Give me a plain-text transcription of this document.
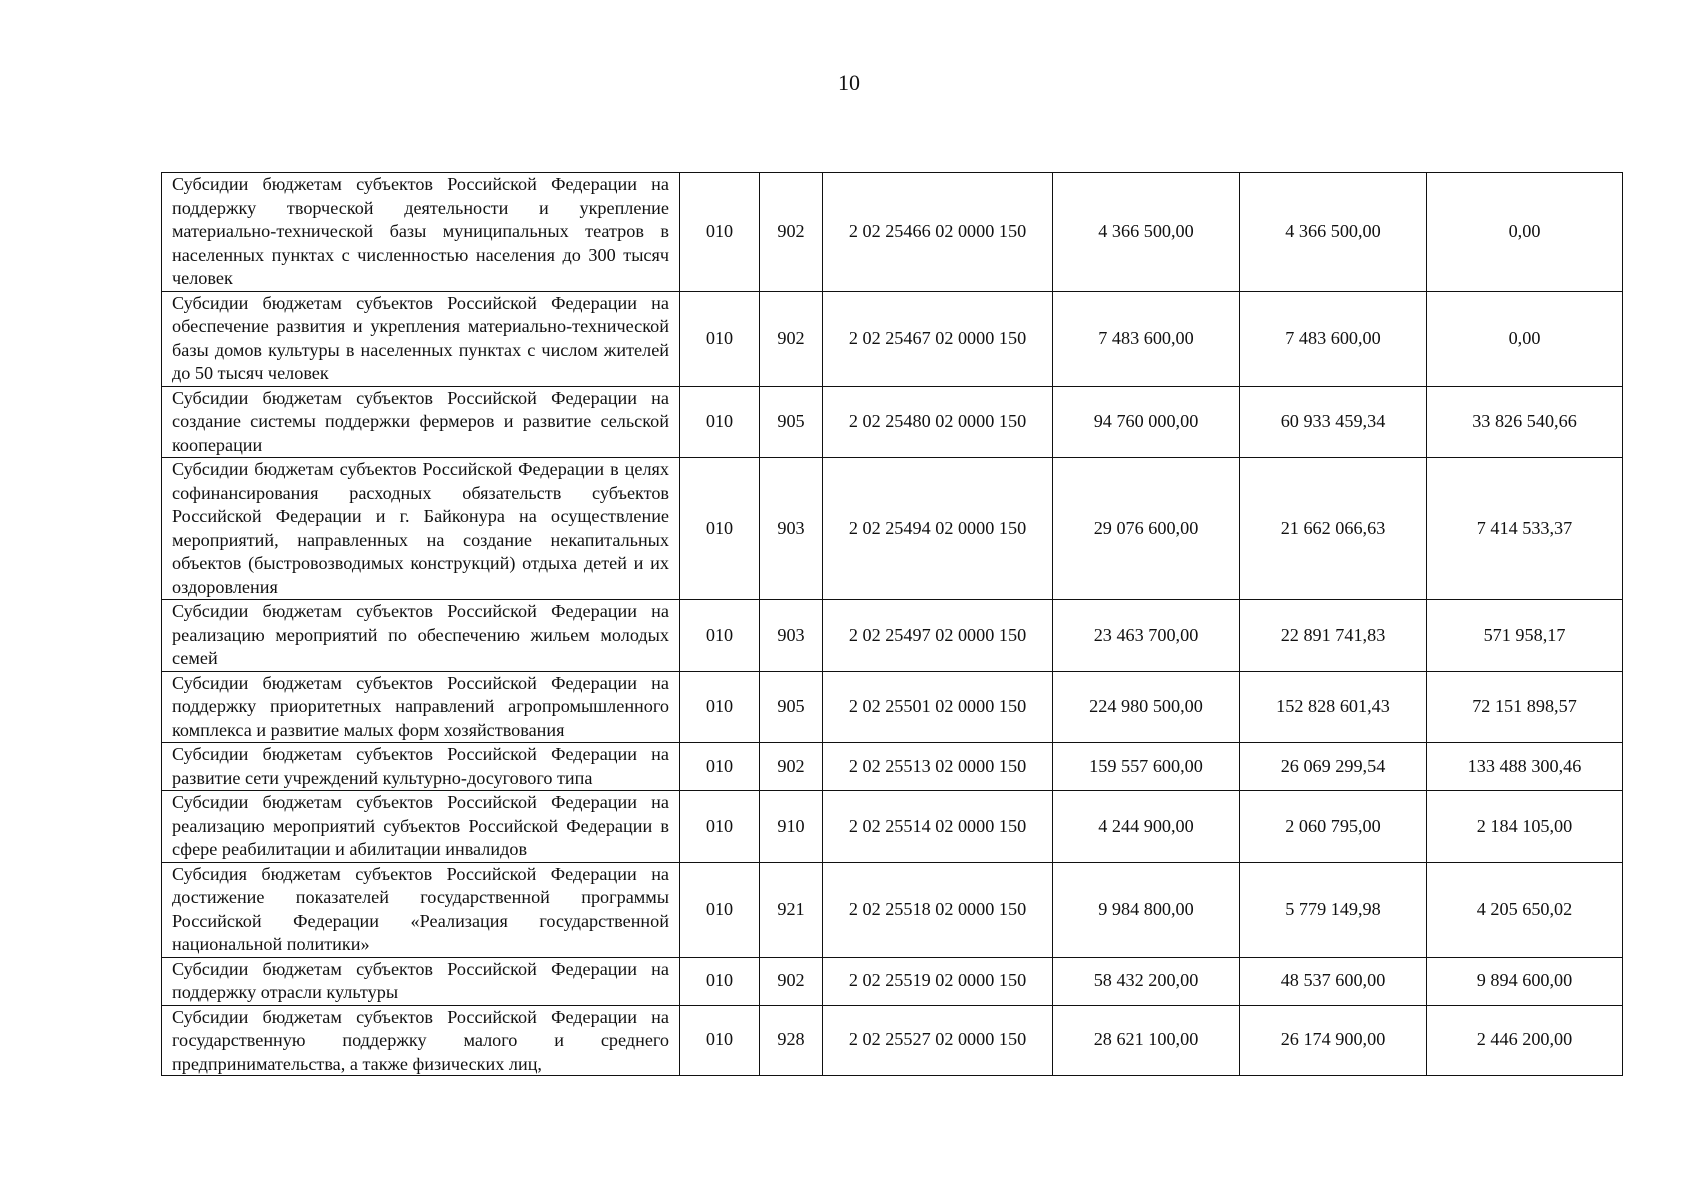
10
Субсидии бюджетам субъектов Российской Федерации на поддержку творческой деятельности и укрепление материально-технической базы муниципальных театров в населенных пунктах с численностью населения до 300 тысяч человек	010	902	2 02 25466 02 0000 150	4 366 500,00	4 366 500,00	0,00
Субсидии бюджетам субъектов Российской Федерации на обеспечение развития и укрепления материально-технической базы домов культуры в населенных пунктах с числом жителей до 50 тысяч человек	010	902	2 02 25467 02 0000 150	7 483 600,00	7 483 600,00	0,00
Субсидии бюджетам субъектов Российской Федерации на создание системы поддержки фермеров и развитие сельской кооперации	010	905	2 02 25480 02 0000 150	94 760 000,00	60 933 459,34	33 826 540,66
Субсидии бюджетам субъектов Российской Федерации в целях софинансирования расходных обязательств субъектов Российской Федерации и г. Байконура на осуществление мероприятий, направленных на создание некапитальных объектов (быстровозводимых конструкций) отдыха детей и их оздоровления	010	903	2 02 25494 02 0000 150	29 076 600,00	21 662 066,63	7 414 533,37
Субсидии бюджетам субъектов Российской Федерации на реализацию мероприятий по обеспечению жильем молодых семей	010	903	2 02 25497 02 0000 150	23 463 700,00	22 891 741,83	571 958,17
Субсидии бюджетам субъектов Российской Федерации на поддержку приоритетных направлений агропромышленного комплекса и развитие малых форм хозяйствования	010	905	2 02 25501 02 0000 150	224 980 500,00	152 828 601,43	72 151 898,57
Субсидии бюджетам субъектов Российской Федерации на развитие сети учреждений культурно-досугового типа	010	902	2 02 25513 02 0000 150	159 557 600,00	26 069 299,54	133 488 300,46
Субсидии бюджетам субъектов Российской Федерации на реализацию мероприятий субъектов Российской Федерации в сфере реабилитации и абилитации инвалидов	010	910	2 02 25514 02 0000 150	4 244 900,00	2 060 795,00	2 184 105,00
Субсидия бюджетам субъектов Российской Федерации на достижение показателей государственной программы Российской Федерации «Реализация государственной национальной политики»	010	921	2 02 25518 02 0000 150	9 984 800,00	5 779 149,98	4 205 650,02
Субсидии бюджетам субъектов Российской Федерации на поддержку отрасли культуры	010	902	2 02 25519 02 0000 150	58 432 200,00	48 537 600,00	9 894 600,00

Субсидии бюджетам субъектов Российской Федерации на государственную поддержку малого и среднего предпринимательства, а также физических лиц,	010	928	2 02 25527 02 0000 150	28 621 100,00	26 174 900,00	2 446 200,00
